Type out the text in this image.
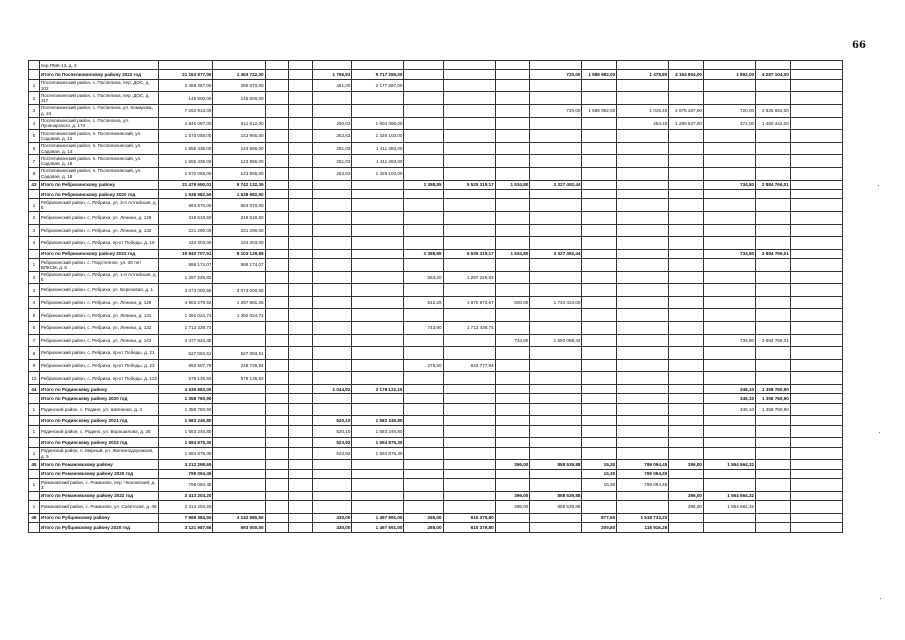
66
	пер.ПМК-13, д. 3																
	Итого по Поспелихинскому району 2022 год	21 163 877,00	1 453 722,00			1 766,93	9 717 265,00				720,00	1 586 982,00	1 478,80	4 164 804,00	1 892,00	4 287 104,00	
1	Поспелихинский район, с. Поспелиха, пер. ДОС, д. 102	2 458 367,00	280 670,00			461,00	2 177 697,00										
2	Поспелихинский район, с. Поспелиха, пер. ДОС, д. 117	145 600,00	145 600,00														
3	Поспелихинский район, с. Поспелиха, ул. Комарова, д. 24	7 262 913,00									720,00	1 586 982,00	1 015,40	2 875 267,00	720,00	2 826 662,00	
4	Поспелихинский район, с. Поспелиха, ул. Луначарского, д. 174	4 845 097,00	611 512,00			290,03	1 604 396,00						453,40	1 289 537,00	372,00	1 460 442,00	
5	Поспелихинский район, п. Поспелихинский, ул. Садовая, д. 12	1 570 058,00	143 955,00			253,63	1 426 103,00										
6	Поспелихинский район, п. Поспелихинский, ул. Садовая, д. 14	1 555 438,00	143 955,00			251,03	1 411 483,00										
7	Поспелихинский район, п. Поспелихинский, ул. Садовая, д. 16	1 555 438,00	143 955,00			251,03	1 411 483,00										
8	Поспелихинский район, п. Поспелихинский, ул. Садовая, д. 18	1 570 058,00	143 955,00			253,63	1 426 103,00										
43	Итого по Ребрихинскому району	21 479 690,01	9 742 132,39					2 398,85	5 525 319,17	1 534,80	3 327 492,44				734,80	2 884 766,01	
	Итого по Ребрихинскому району 2020 год	1 638 982,50	1 638 982,50														
1	Ребрихинский район, с. Ребриха, ул. 3-я Алтайская, д. 5	663 870,00	663 870,00														
2	Ребрихинский район, с. Ребриха, ул. Ленина, д. 129	319 519,50	319 519,50														
3	Ребрихинский район, с. Ребриха, ул. Ленина, д. 132	221 290,00	221 290,00														
4	Ребрихинский район, с. Ребриха, пр-кт Победы, д. 19	434 303,00	434 303,00														
	Итого по Ребрихинскому району 2022 год	19 840 707,51	8 103 129,89					2 398,85	5 525 319,17	1 534,80	3 327 492,44				734,80	2 884 766,01	
1	Ребрихинский район, с. Подстепное, ул. 30 лет ВЛКСМ, д. 6	986 174,07	986 174,07														
2	Ребрихинский район, с. Ребриха, ул. 1-я Алтайская, д. 5	1 297 229,82						563,20	1 297 229,82								
3	Ребрихинский район, с. Ребриха, ул. Березовая, д. 1	3 073 000,55	3 073 000,55														
4	Ребрихинский район, с. Ребриха, ул. Ленина, д. 129	4 903 279,92	1 297 981,25					812,25	1 870 873,67	800,00	1 734 424,00						
5	Ребрихинский район, с. Ребриха, ул. Ленина, д. 131	1 392 024,74	1 392 024,74														
6	Ребрихинский район, с. Ребриха, ул. Ленина, д. 132	1 713 439,74						743,90	1 713 439,74								
7	Ребрихинский район, с. Ребриха, ул. Ленина, д. 143	4 477 834,45								734,80	1 593 068,44				734,80	2 884 766,01	
8	Ребрихинский район, с. Ребриха, пр-кт Победы, д. 21	527 083,51	527 083,51														
9	Ребрихинский район, с. Ребриха, пр-кт Победы, д. 23	892 507,78	248 729,84					279,50	643 777,94								
10	Ребрихинский район, с. Ребриха, пр-кт Победы, д. 122	579 135,93	579 135,93														
44	Итого по Родинскому району	4 536 883,00				1 044,92	3 178 122,10								346,10	1 358 760,90	
	Итого по Родинскому району 2020 год	1 358 760,90													346,10	1 358 760,90	
1	Родинский район, с. Родино, ул. Шевченко, д. 3	1 358 760,90													346,10	1 358 760,90	
	Итого по Родинскому району 2021 год	1 583 246,80				520,10	1 583 246,80										
1	Родинский район, с. Родино, ул. Ворошилова, д. 26	1 583 246,80				520,10	1 583 246,80										
	Итого по Родинскому району 2022 год	1 594 875,30				523,92	1 594 875,30										
1	Родинский район, п. Мирный, ул. Железнодорожная, д. 5	1 594 875,30				523,92	1 594 875,30										
45	Итого по Романовскому району	3 212 298,65								396,00	858 539,88	15,30	799 094,45	396,00	1 554 664,32		
	Итого по Романовскому району 2020 год	799 094,45										15,30	799 094,45				
1	Романовский район, с. Романово, пер. Чкаловский, д. 3	799 094,45										15,30	799 094,45				
	Итого по Романовскому району 2022 год	2 413 204,20								396,00	858 539,88			396,00	1 554 664,32		
1	Романовский район, с. Романово, ул. Советская, д. 49	2 413 204,20								396,00	858 539,88			396,00	1 554 664,32		
46	Итого по Рубцовскому району	7 969 384,50	4 142 580,50			430,00	1 497 691,00	265,00	610 379,80			877,60	1 518 733,20				
	Итого по Рубцовскому району 2020 год	3 121 987,66	693 000,00			430,00	1 497 691,00	265,00	610 379,80			209,80	118 916,26				
